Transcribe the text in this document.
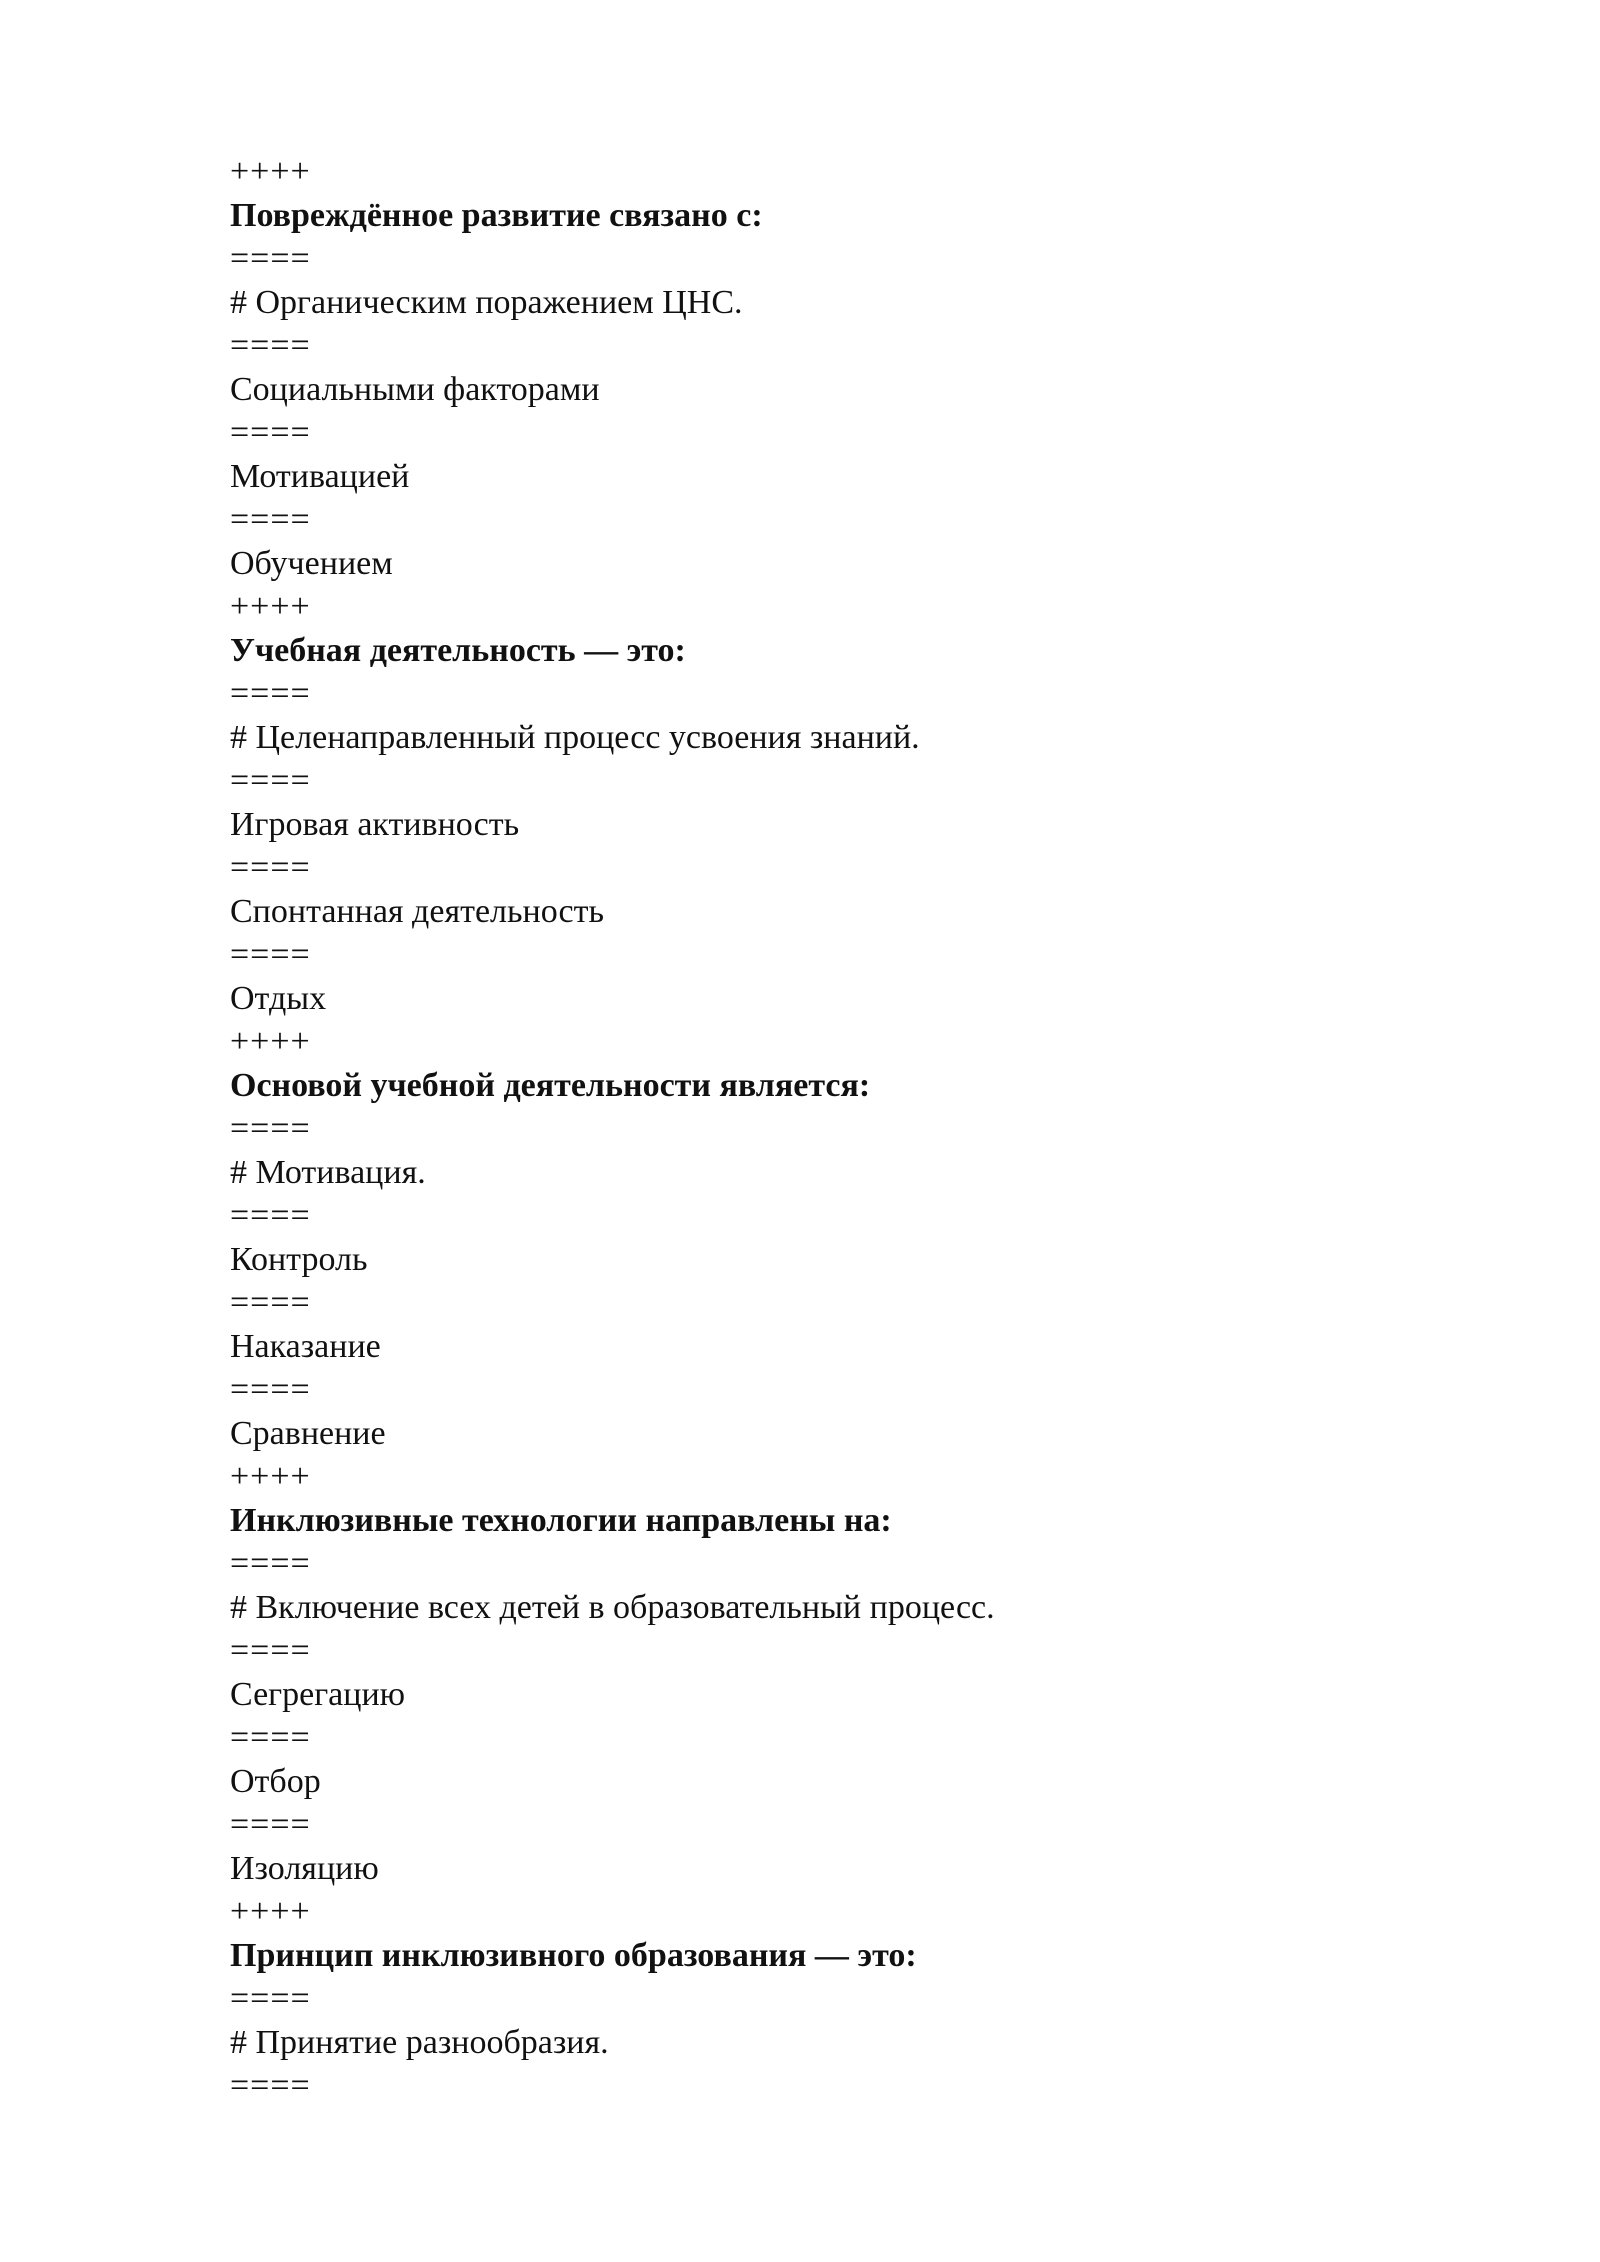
++++
Повреждённое развитие связано с:
====
# Органическим поражением ЦНС.
====
Социальными факторами
====
Мотивацией
====
Обучением
++++
Учебная деятельность — это:
====
# Целенаправленный процесс усвоения знаний.
====
Игровая активность
====
Спонтанная деятельность
====
Отдых
++++
Основой учебной деятельности является:
====
# Мотивация.
====
Контроль
====
Наказание
====
Сравнение
++++
Инклюзивные технологии направлены на:
====
# Включение всех детей в образовательный процесс.
====
Сегрегацию
====
Отбор
====
Изоляцию
++++
Принцип инклюзивного образования — это:
====
# Принятие разнообразия.
====
